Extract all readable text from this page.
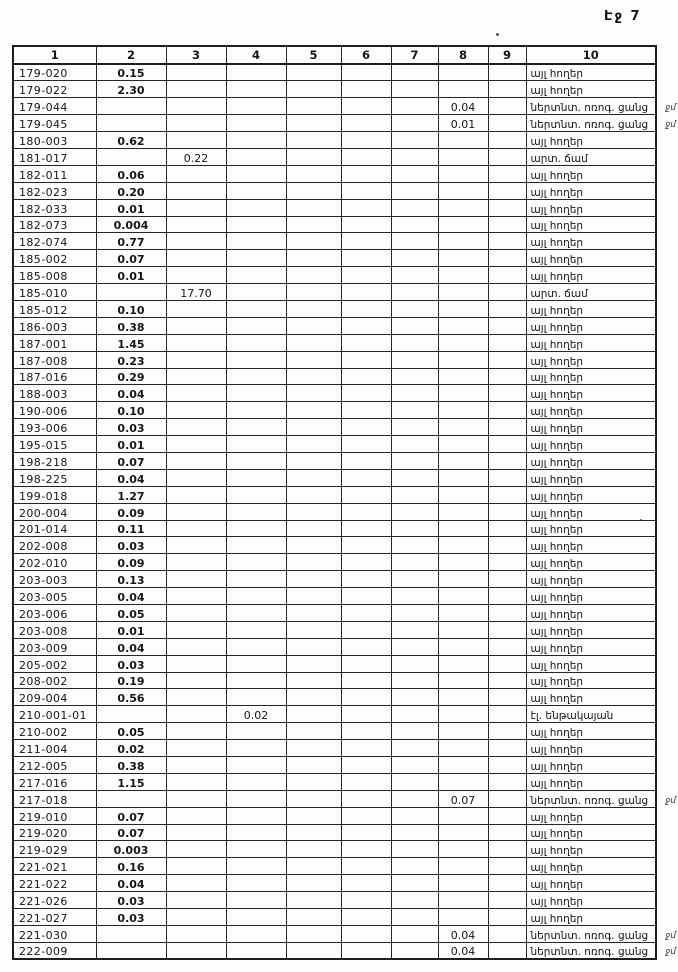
Էջ 7
1	2	3	4	5	6	7	8	9	10
179-020	0.15								այլ հողեր
179-022	2.30								այլ հողեր
179-044							0.04		ներտնտ. ոռոգ. ցանց ջմ

179-045							0.01		ներտնտ. ոռոգ. ցանց ջմ

180-003	0.62								այլ հողեր
181-017		0.22							արտ. ճամ
182-011	0.06								այլ հողեր
182-023	0.20								այլ հողեր
182-033	0.01								այլ հողեր
182-073	0.004								այլ հողեր
182-074	0.77								այլ հողեր
185-002	0.07								այլ հողեր
185-008	0.01								այլ հողեր
185-010		17.70							արտ. ճամ
185-012	0.10								այլ հողեր
186-003	0.38								այլ հողեր
187-001	1.45								այլ հողեր
187-008	0.23								այլ հողեր
187-016	0.29								այլ հողեր
188-003	0.04								այլ հողեր
190-006	0.10								այլ հողեր
193-006	0.03								այլ հողեր
195-015	0.01								այլ հողեր
198-218	0.07								այլ հողեր
198-225	0.04								այլ հողեր
199-018	1.27								այլ հողեր
200-004	0.09								այլ հողեր
201-014	0.11								այլ հողեր
202-008	0.03								այլ հողեր
202-010	0.09								այլ հողեր
203-003	0.13								այլ հողեր
203-005	0.04								այլ հողեր
203-006	0.05								այլ հողեր
203-008	0.01								այլ հողեր
203-009	0.04								այլ հողեր
205-002	0.03								այլ հողեր
208-002	0.19								այլ հողեր
209-004	0.56								այլ հողեր
210-001-01			0.02						էլ. ենթակայան
210-002	0.05								այլ հողեր
211-004	0.02								այլ հողեր
212-005	0.38								այլ հողեր
217-016	1.15								այլ հողեր
217-018							0.07		ներտնտ. ոռոգ. ցանց ջմ

219-010	0.07								այլ հողեր
219-020	0.07								այլ հողեր
219-029	0.003								այլ հողեր
221-021	0.16								այլ հողեր
221-022	0.04								այլ հողեր
221-026	0.03								այլ հողեր
221-027	0.03								այլ հողեր
221-030							0.04		ներտնտ. ոռոգ. ցանց ջմ

222-009							0.04		ներտնտ. ոռոգ. ցանց ջմ
